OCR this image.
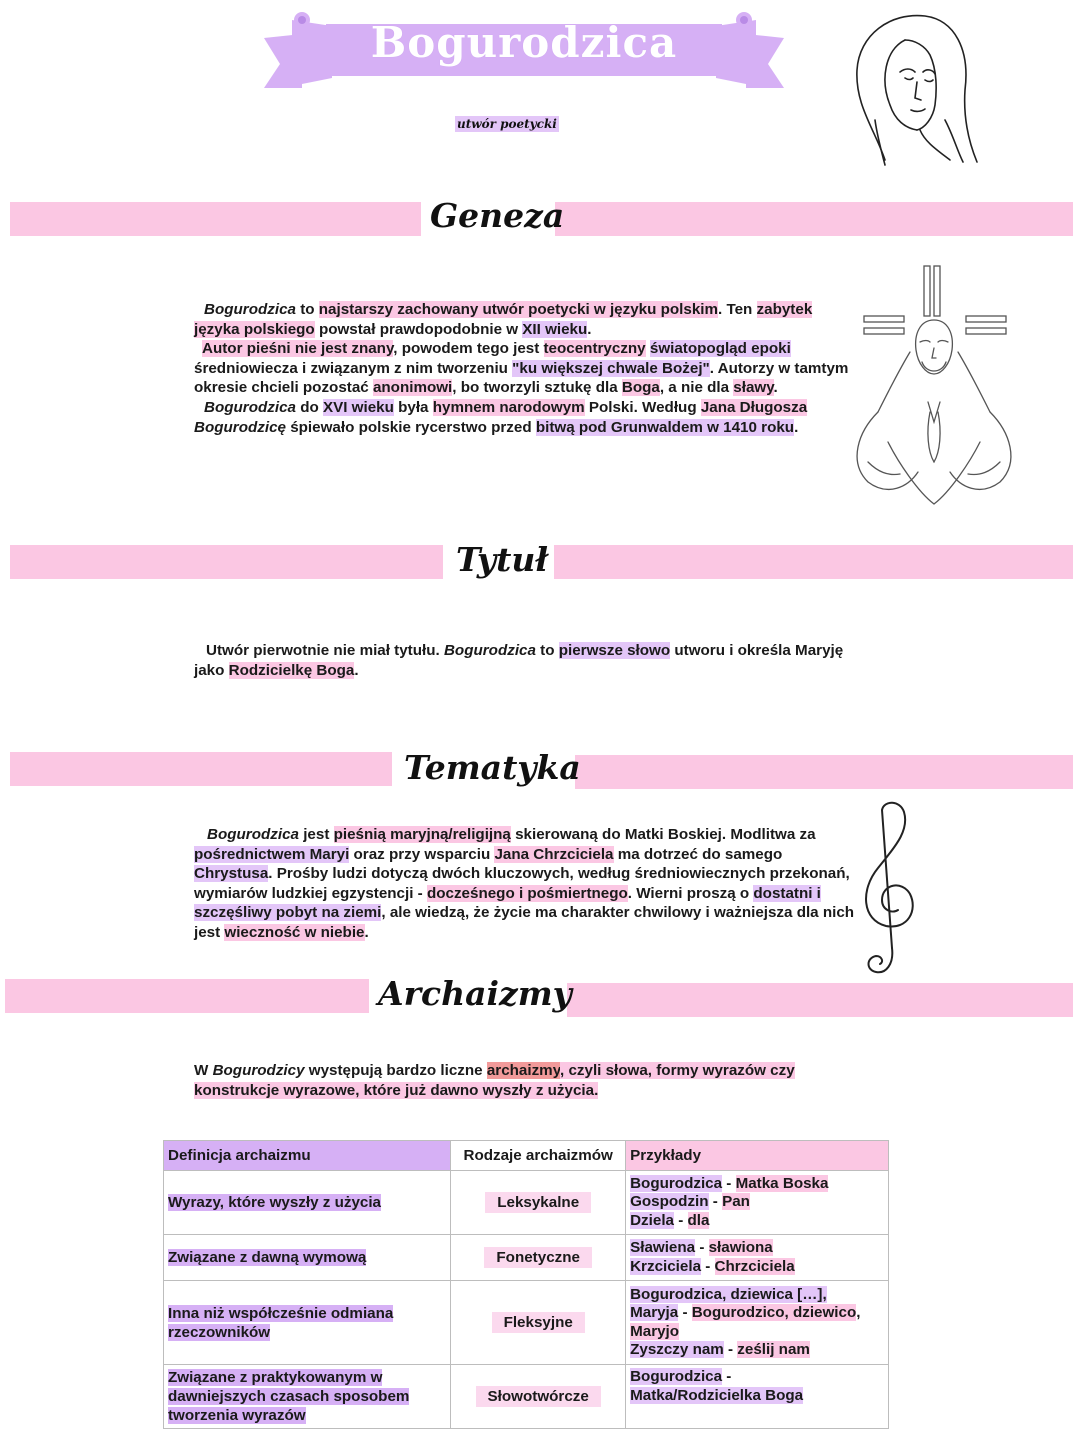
Bogurodzica
utwór poetycki
Geneza
Bogurodzica to najstarszy zachowany utwór poetycki w języku polskim. Ten zabytek języka polskiego powstał prawdopodobnie w XII wieku.
Autor pieśni nie jest znany, powodem tego jest teocentryczny światopogląd epoki średniowiecza i związanym z nim tworzeniu "ku większej chwale Bożej". Autorzy w tamtym okresie chcieli pozostać anonimowi, bo tworzyli sztukę dla Boga, a nie dla sławy.
Bogurodzica do XVI wieku była hymnem narodowym Polski. Według Jana Długosza Bogurodzicę śpiewało polskie rycerstwo przed bitwą pod Grunwaldem w 1410 roku.
Tytuł
Utwór pierwotnie nie miał tytułu. Bogurodzica to pierwsze słowo utworu i określa Maryję jako Rodzicielkę Boga.
Tematyka
Bogurodzica jest pieśnią maryjną/religijną skierowaną do Matki Boskiej. Modlitwa za pośrednictwem Maryi oraz przy wsparciu Jana Chrzciciela ma dotrzeć do samego Chrystusa. Prośby ludzi dotyczą dwóch kluczowych, według średniowiecznych przekonań, wymiarów ludzkiej egzystencji - docześnego i pośmiertnego. Wierni proszą o dostatni i szczęśliwy pobyt na ziemi, ale wiedzą, że życie ma charakter chwilowy i ważniejsza dla nich jest wieczność w niebie.
Archaizmy
W Bogurodzicy występują bardzo liczne archaizmy, czyli słowa, formy wyrazów czy konstrukcje wyrazowe, które już dawno wyszły z użycia.
Definicja archaizmu	Rodzaje archaizmów	Przykłady
Wyrazy, które wyszły z użycia	Leksykalne	Bogurodzica - Matka Boska
Gospodzin - Pan
Dziela - dla

Związane z dawną wymową	Fonetyczne	Sławiena - sławiona
Krzciciela - Chrzciciela

Inna niż współcześnie odmiana rzeczowników	Fleksyjne	Bogurodzica, dziewica […],
Maryja - Bogurodzico, dziewico,
Maryjo
Zyszczy nam - ześlij nam

Związane z praktykowanym w dawniejszych czasach sposobem tworzenia wyrazów	Słowotwórcze	Bogurodzica -
Matka/Rodzicielka Boga
